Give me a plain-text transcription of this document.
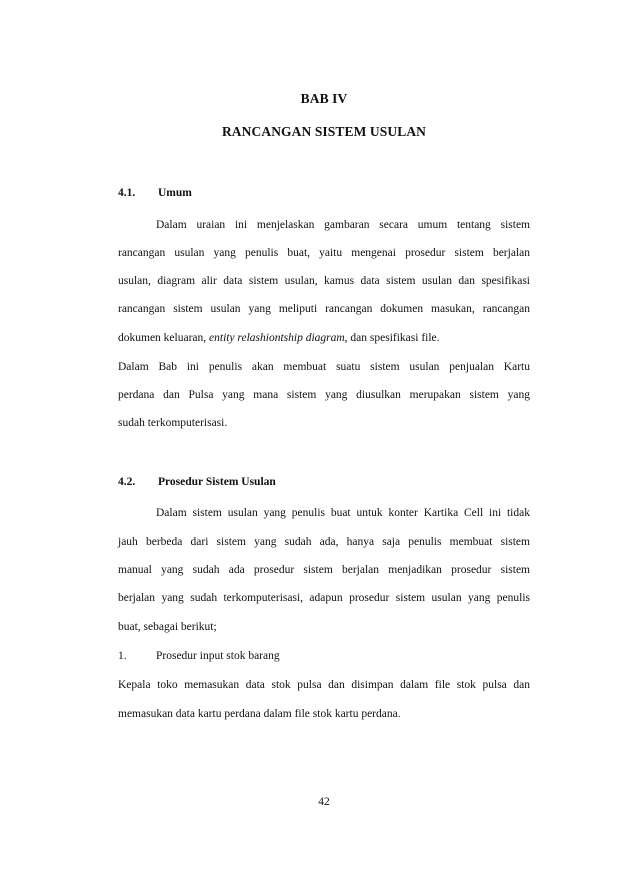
BAB IV
RANCANGAN SISTEM USULAN
4.1. Umum
Dalam uraian ini menjelaskan gambaran secara umum tentang sistem
rancangan usulan yang penulis buat, yaitu mengenai prosedur sistem berjalan
usulan, diagram alir data sistem usulan, kamus data sistem usulan dan spesifikasi
rancangan sistem usulan yang meliputi rancangan dokumen masukan, rancangan
dokumen keluaran, entity relashiontship diagram, dan spesifikasi file.
Dalam Bab ini penulis akan membuat suatu sistem usulan penjualan Kartu
perdana dan Pulsa yang mana sistem yang diusulkan merupakan sistem yang
sudah terkomputerisasi.
4.2. Prosedur Sistem Usulan
Dalam sistem usulan yang penulis buat untuk konter Kartika Cell ini tidak
jauh berbeda dari sistem yang sudah ada, hanya saja penulis membuat sistem
manual yang sudah ada prosedur sistem berjalan menjadikan prosedur sistem
berjalan yang sudah terkomputerisasi, adapun prosedur sistem usulan yang penulis
buat, sebagai berikut;
1.	Prosedur input stok barang
Kepala toko memasukan data stok pulsa dan disimpan dalam file stok pulsa dan
memasukan data kartu perdana dalam file stok kartu perdana.
42
